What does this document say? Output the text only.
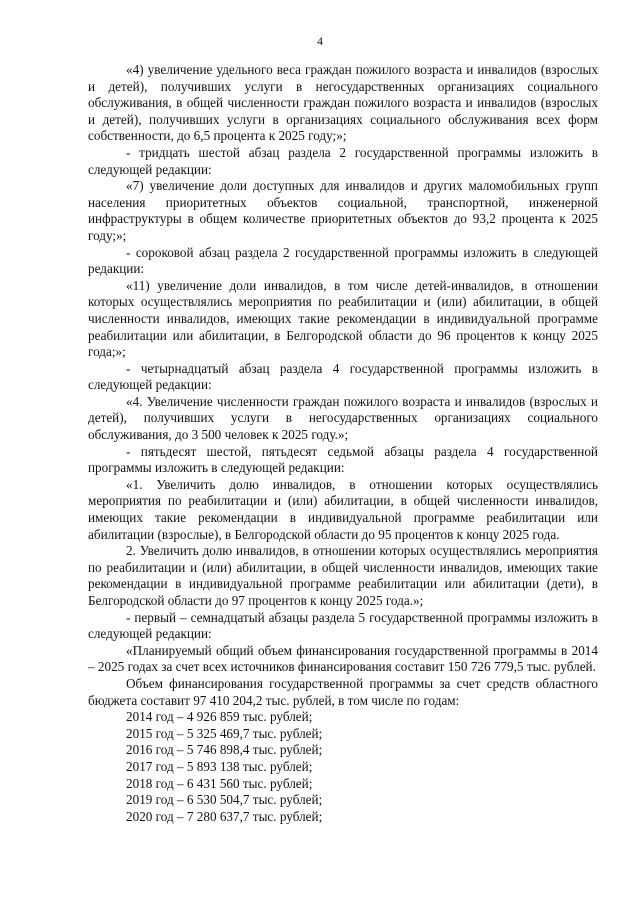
4

«4) увеличение удельного веса граждан пожилого возраста и инвалидов (взрослых и детей), получивших услуги в негосударственных организациях социального обслуживания, в общей численности граждан пожилого возраста и инвалидов (взрослых и детей), получивших услуги в организациях социального обслуживания всех форм собственности, до 6,5 процента к 2025 году;»;

- тридцать шестой абзац раздела 2 государственной программы изложить в следующей редакции:

«7) увеличение доли доступных для инвалидов и других маломобильных групп населения приоритетных объектов социальной, транспортной, инженерной инфраструктуры в общем количестве приоритетных объектов до 93,2 процента к 2025 году;»;

- сороковой абзац раздела 2 государственной программы изложить в следующей редакции:

«11) увеличение доли инвалидов, в том числе детей-инвалидов, в отношении которых осуществлялись мероприятия по реабилитации и (или) абилитации, в общей численности инвалидов, имеющих такие рекомендации в индивидуальной программе реабилитации или абилитации, в Белгородской области до 96 процентов к концу 2025 года;»;

- четырнадцатый абзац раздела 4 государственной программы изложить в следующей редакции:

«4. Увеличение численности граждан пожилого возраста и инвалидов (взрослых и детей), получивших услуги в негосударственных организациях социального обслуживания, до 3 500 человек к 2025 году.»;

- пятьдесят шестой, пятьдесят седьмой абзацы раздела 4 государственной программы изложить в следующей редакции:

«1. Увеличить долю инвалидов, в отношении которых осуществлялись мероприятия по реабилитации и (или) абилитации, в общей численности инвалидов, имеющих такие рекомендации в индивидуальной программе реабилитации или абилитации (взрослые), в Белгородской области до 95 процентов к концу 2025 года.

2. Увеличить долю инвалидов, в отношении которых осуществлялись мероприятия по реабилитации и (или) абилитации, в общей численности инвалидов, имеющих такие рекомендации в индивидуальной программе реабилитации или абилитации (дети), в Белгородской области до 97 процентов к концу 2025 года.»;

- первый – семнадцатый абзацы раздела 5 государственной программы изложить в следующей редакции:

«Планируемый общий объем финансирования государственной программы в 2014 – 2025 годах за счет всех источников финансирования составит 150 726 779,5 тыс. рублей.

Объем финансирования государственной программы за счет средств областного бюджета составит 97 410 204,2 тыс. рублей, в том числе по годам:

2014 год – 4 926 859 тыс. рублей;
2015 год – 5 325 469,7 тыс. рублей;
2016 год – 5 746 898,4 тыс. рублей;
2017 год – 5 893 138 тыс. рублей;
2018 год – 6 431 560 тыс. рублей;
2019 год – 6 530 504,7 тыс. рублей;
2020 год – 7 280 637,7 тыс. рублей;
